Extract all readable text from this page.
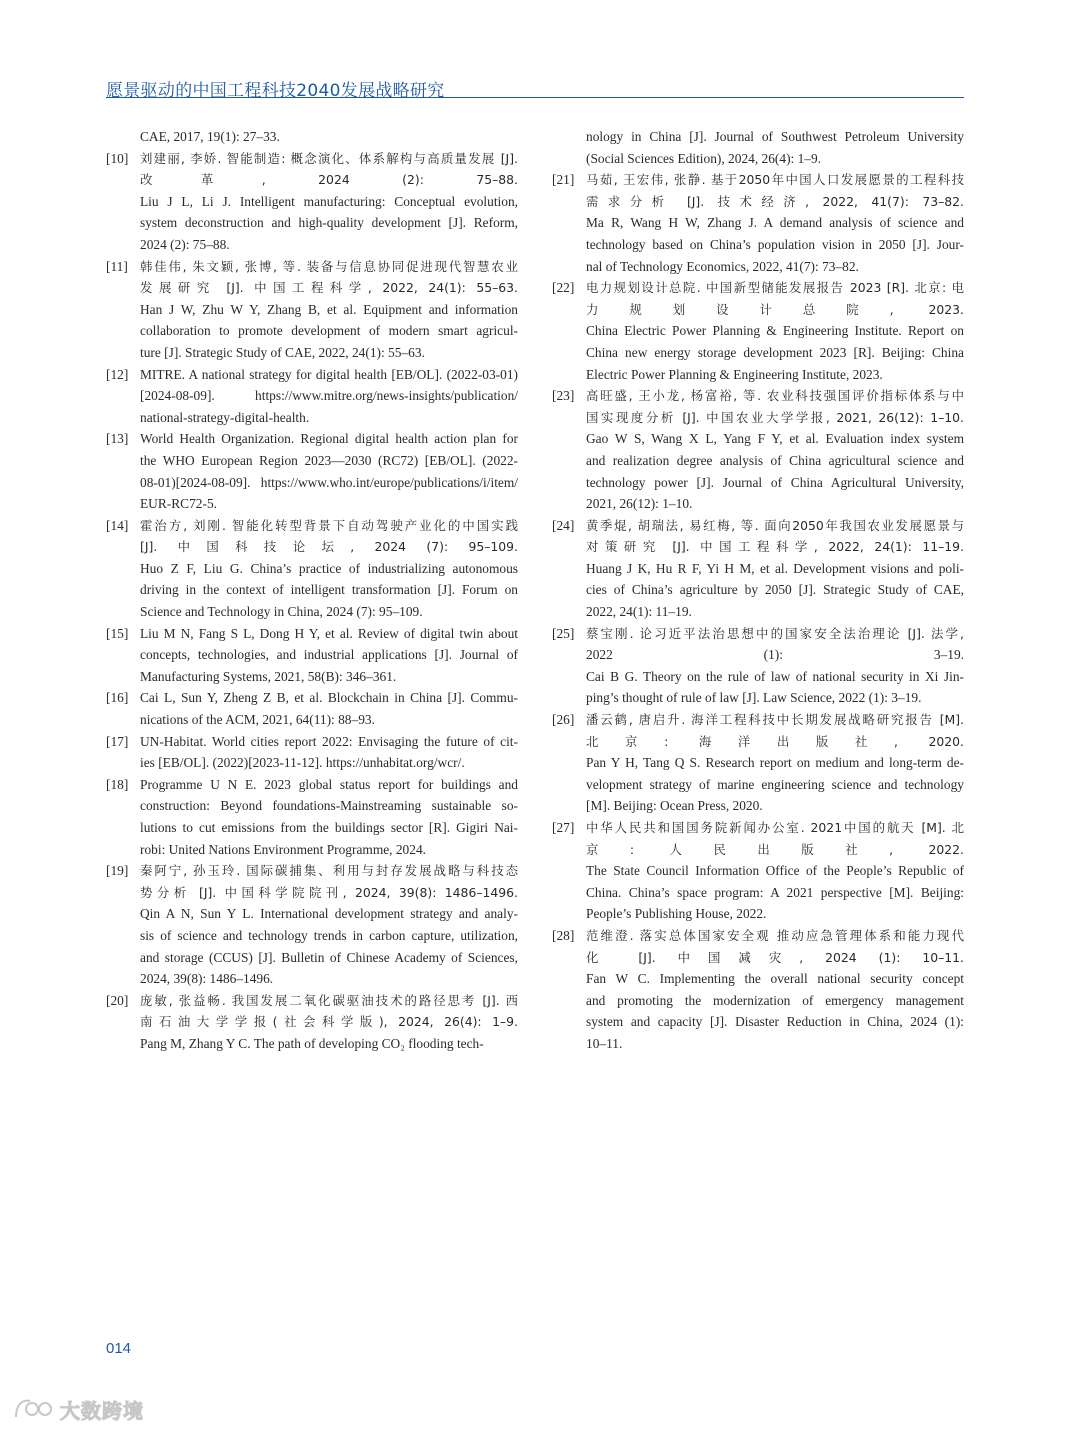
愿景驱动的中国工程科技2040发展战略研究
CAE, 2017, 19(1): 27–33.
[10] 刘建丽, 李娇. 智能制造: 概念演化、体系解构与高质量发展 [J].
改革, 2024 (2): 75–88.
Liu J L, Li J. Intelligent manufacturing: Conceptual evolution,
system deconstruction and high-quality development [J]. Reform,
2024 (2): 75–88.
[11] 韩佳伟, 朱文颖, 张博, 等. 装备与信息协同促进现代智慧农业
发展研究 [J]. 中国工程科学, 2022, 24(1): 55–63.
Han J W, Zhu W Y, Zhang B, et al. Equipment and information
collaboration to promote development of modern smart agricul-
ture [J]. Strategic Study of CAE, 2022, 24(1): 55–63.
[12] MITRE. A national strategy for digital health [EB/OL]. (2022-03-01)
[2024-08-09]. https://www.mitre.org/news-insights/publication/
national-strategy-digital-health.
[13] World Health Organization. Regional digital health action plan for
the WHO European Region 2023—2030 (RC72) [EB/OL]. (2022-
08-01)[2024-08-09]. https://www.who.int/europe/publications/i/item/
EUR-RC72-5.
[14] 霍治方, 刘刚. 智能化转型背景下自动驾驶产业化的中国实践
[J]. 中国科技论坛, 2024 (7): 95–109.
Huo Z F, Liu G. China’s practice of industrializing autonomous
driving in the context of intelligent transformation [J]. Forum on
Science and Technology in China, 2024 (7): 95–109.
[15] Liu M N, Fang S L, Dong H Y, et al. Review of digital twin about
concepts, technologies, and industrial applications [J]. Journal of
Manufacturing Systems, 2021, 58(B): 346–361.
[16] Cai L, Sun Y, Zheng Z B, et al. Blockchain in China [J]. Commu-
nications of the ACM, 2021, 64(11): 88–93.
[17] UN-Habitat. World cities report 2022: Envisaging the future of cit-
ies [EB/OL]. (2022)[2023-11-12]. https://unhabitat.org/wcr/.
[18] Programme U N E. 2023 global status report for buildings and
construction: Beyond foundations-Mainstreaming sustainable so-
lutions to cut emissions from the buildings sector [R]. Gigiri Nai-
robi: United Nations Environment Programme, 2024.
[19] 秦阿宁, 孙玉玲. 国际碳捕集、利用与封存发展战略与科技态
势分析 [J]. 中国科学院院刊, 2024, 39(8): 1486–1496.
Qin A N, Sun Y L. International development strategy and analy-
sis of science and technology trends in carbon capture, utilization,
and storage (CCUS) [J]. Bulletin of Chinese Academy of Sciences,
2024, 39(8): 1486–1496.
[20] 庞敏, 张益畅. 我国发展二氧化碳驱油技术的路径思考 [J]. 西
南石油大学学报(社会科学版), 2024, 26(4): 1–9.
Pang M, Zhang Y C. The path of developing CO₂ flooding tech-
nology in China [J]. Journal of Southwest Petroleum University
(Social Sciences Edition), 2024, 26(4): 1–9.
[21] 马茹, 王宏伟, 张静. 基于2050年中国人口发展愿景的工程科技
需求分析 [J]. 技术经济, 2022, 41(7): 73–82.
Ma R, Wang H W, Zhang J. A demand analysis of science and
technology based on China’s population vision in 2050 [J]. Jour-
nal of Technology Economics, 2022, 41(7): 73–82.
[22] 电力规划设计总院. 中国新型储能发展报告 2023 [R]. 北京: 电
力规划设计总院, 2023.
China Electric Power Planning & Engineering Institute. Report on
China new energy storage development 2023 [R]. Beijing: China
Electric Power Planning & Engineering Institute, 2023.
[23] 高旺盛, 王小龙, 杨富裕, 等. 农业科技强国评价指标体系与中
国实现度分析 [J]. 中国农业大学学报, 2021, 26(12): 1–10.
Gao W S, Wang X L, Yang F Y, et al. Evaluation index system
and realization degree analysis of China agricultural science and
technology power [J]. Journal of China Agricultural University,
2021, 26(12): 1–10.
[24] 黄季焜, 胡瑞法, 易红梅, 等. 面向2050年我国农业发展愿景与
对策研究 [J]. 中国工程科学, 2022, 24(1): 11–19.
Huang J K, Hu R F, Yi H M, et al. Development visions and poli-
cies of China’s agriculture by 2050 [J]. Strategic Study of CAE,
2022, 24(1): 11–19.
[25] 蔡宝刚. 论习近平法治思想中的国家安全法治理论 [J]. 法学,
2022 (1): 3–19.
Cai B G. Theory on the rule of law of national security in Xi Jin-
ping’s thought of rule of law [J]. Law Science, 2022 (1): 3–19.
[26] 潘云鹤, 唐启升. 海洋工程科技中长期发展战略研究报告 [M].
北京: 海洋出版社, 2020.
Pan Y H, Tang Q S. Research report on medium and long-term de-
velopment strategy of marine engineering science and technology
[M]. Beijing: Ocean Press, 2020.
[27] 中华人民共和国国务院新闻办公室. 2021中国的航天 [M]. 北
京: 人民出版社, 2022.
The State Council Information Office of the People’s Republic of
China. China’s space program: A 2021 perspective [M]. Beijing:
People’s Publishing House, 2022.
[28] 范维澄. 落实总体国家安全观 推动应急管理体系和能力现代
化 [J]. 中国减灾, 2024 (1): 10–11.
Fan W C. Implementing the overall national security concept
and promoting the modernization of emergency management
system and capacity [J]. Disaster Reduction in China, 2024 (1):
10–11.
014
大数跨境
